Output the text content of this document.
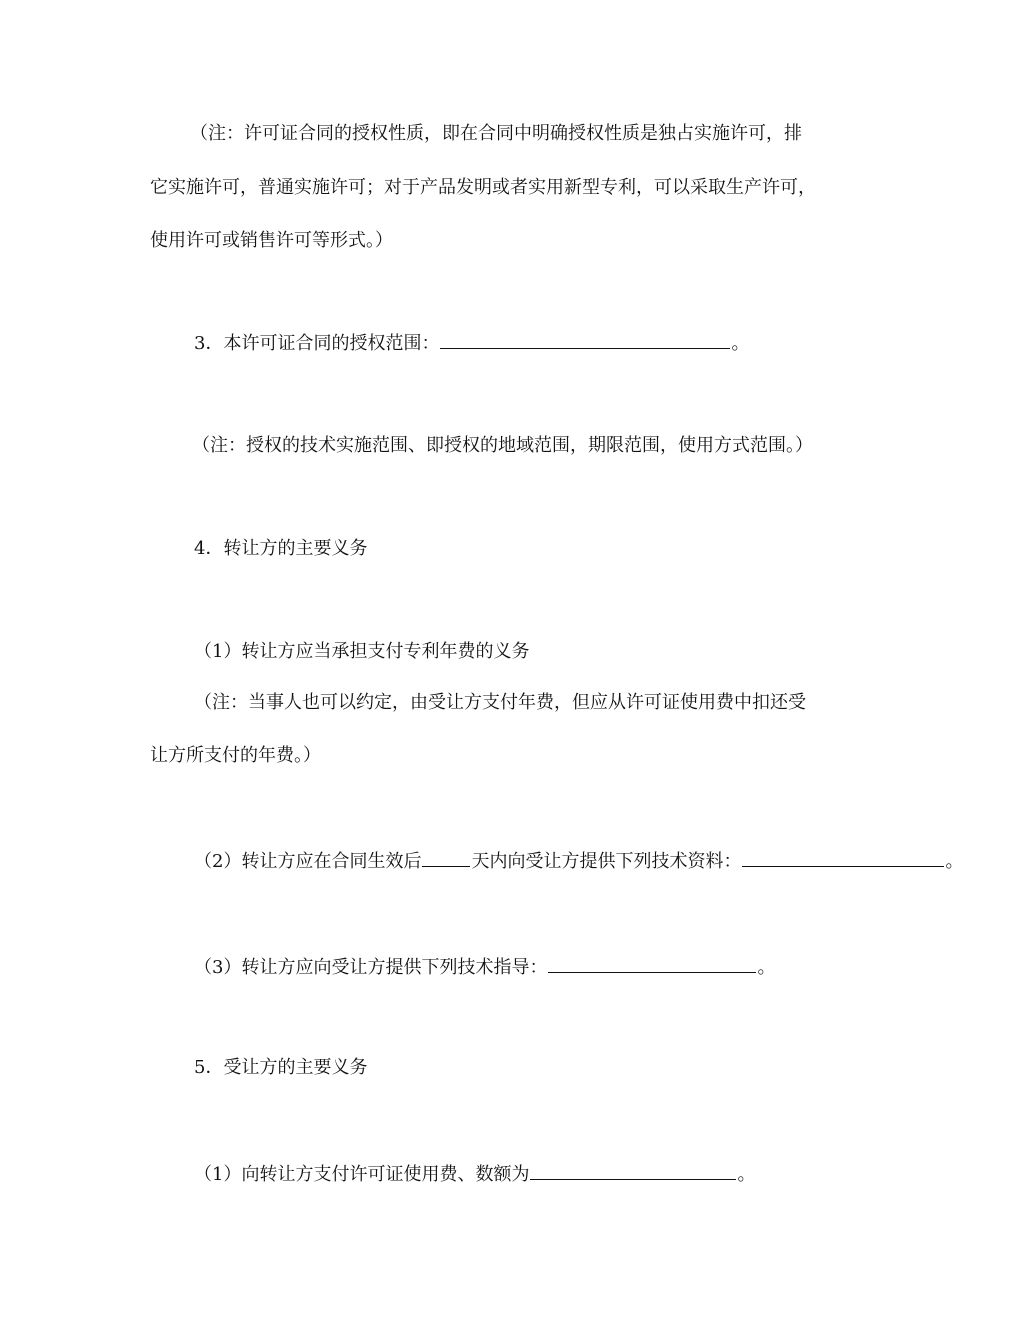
（注：许可证合同的授权性质，即在合同中明确授权性质是独占实施许可，排
它实施许可，普通实施许可；对于产品发明或者实用新型专利，可以采取生产许可，
使用许可或销售许可等形式。）
3．本许可证合同的授权范围：	。
（注：授权的技术实施范围、即授权的地域范围，期限范围，使用方式范围。）
4．转让方的主要义务
（1）转让方应当承担支付专利年费的义务
（注：当事人也可以约定，由受让方支付年费，但应从许可证使用费中扣还受
让方所支付的年费。）
（2）转让方应在合同生效后	天内向受让方提供下列技术资料：	。
（3）转让方应向受让方提供下列技术指导：	。
5．受让方的主要义务
（1）向转让方支付许可证使用费、数额为	。
